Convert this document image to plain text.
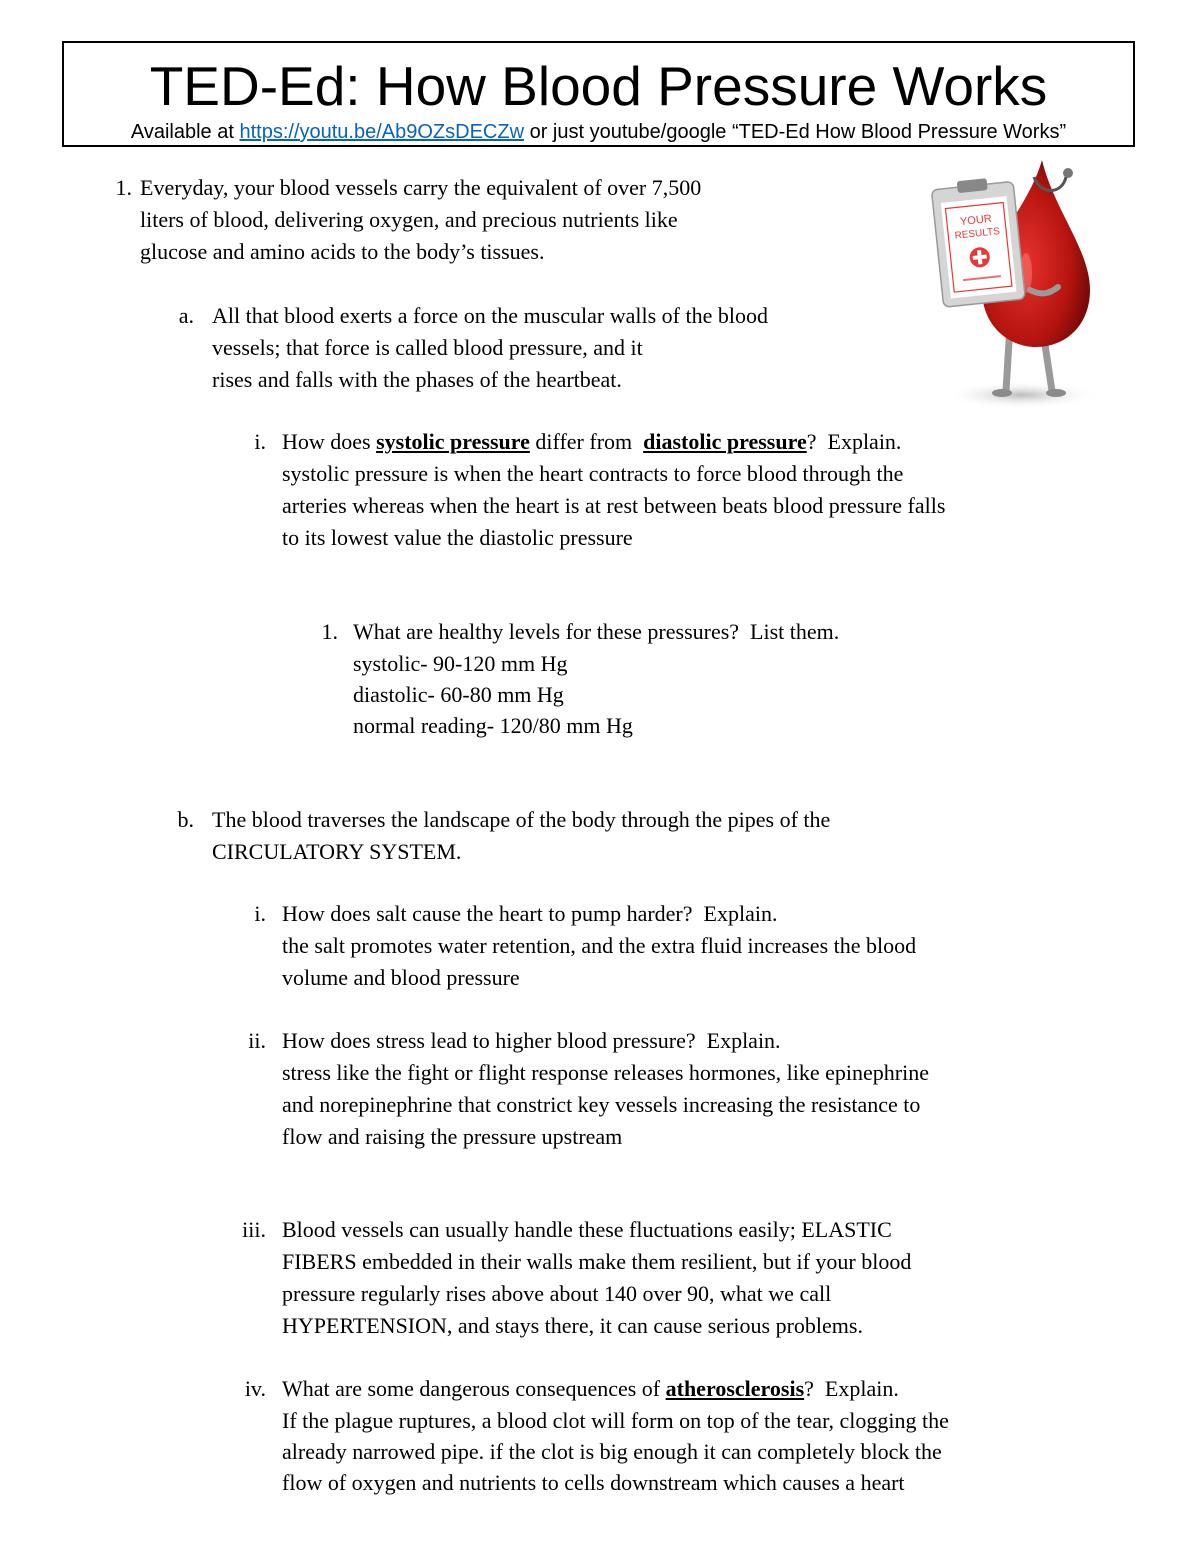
TED-Ed: How Blood Pressure Works
Available at https://youtu.be/Ab9OZsDECZw or just youtube/google “TED-Ed How Blood Pressure Works”
YOUR
RESULTS
1. Everyday, your blood vessels carry the equivalent of over 7,500
liters of blood, delivering oxygen, and precious nutrients like
glucose and amino acids to the body’s tissues.
a. All that blood exerts a force on the muscular walls of the blood
vessels; that force is called blood pressure, and it
rises and falls with the phases of the heartbeat.
i. How does systolic pressure differ from  diastolic pressure?  Explain.
systolic pressure is when the heart contracts to force blood through the
arteries whereas when the heart is at rest between beats blood pressure falls
to its lowest value the diastolic pressure
1. What are healthy levels for these pressures?  List them.
systolic- 90-120 mm Hg
diastolic- 60-80 mm Hg
normal reading- 120/80 mm Hg
b. The blood traverses the landscape of the body through the pipes of the
CIRCULATORY SYSTEM.
i. How does salt cause the heart to pump harder?  Explain.
the salt promotes water retention, and the extra fluid increases the blood
volume and blood pressure
ii. How does stress lead to higher blood pressure?  Explain.
stress like the fight or flight response releases hormones, like epinephrine
and norepinephrine that constrict key vessels increasing the resistance to
flow and raising the pressure upstream
iii. Blood vessels can usually handle these fluctuations easily; ELASTIC
FIBERS embedded in their walls make them resilient, but if your blood
pressure regularly rises above about 140 over 90, what we call
HYPERTENSION, and stays there, it can cause serious problems.
iv. What are some dangerous consequences of atherosclerosis?  Explain.
If the plague ruptures, a blood clot will form on top of the tear, clogging the
already narrowed pipe. if the clot is big enough it can completely block the
flow of oxygen and nutrients to cells downstream which causes a heart
